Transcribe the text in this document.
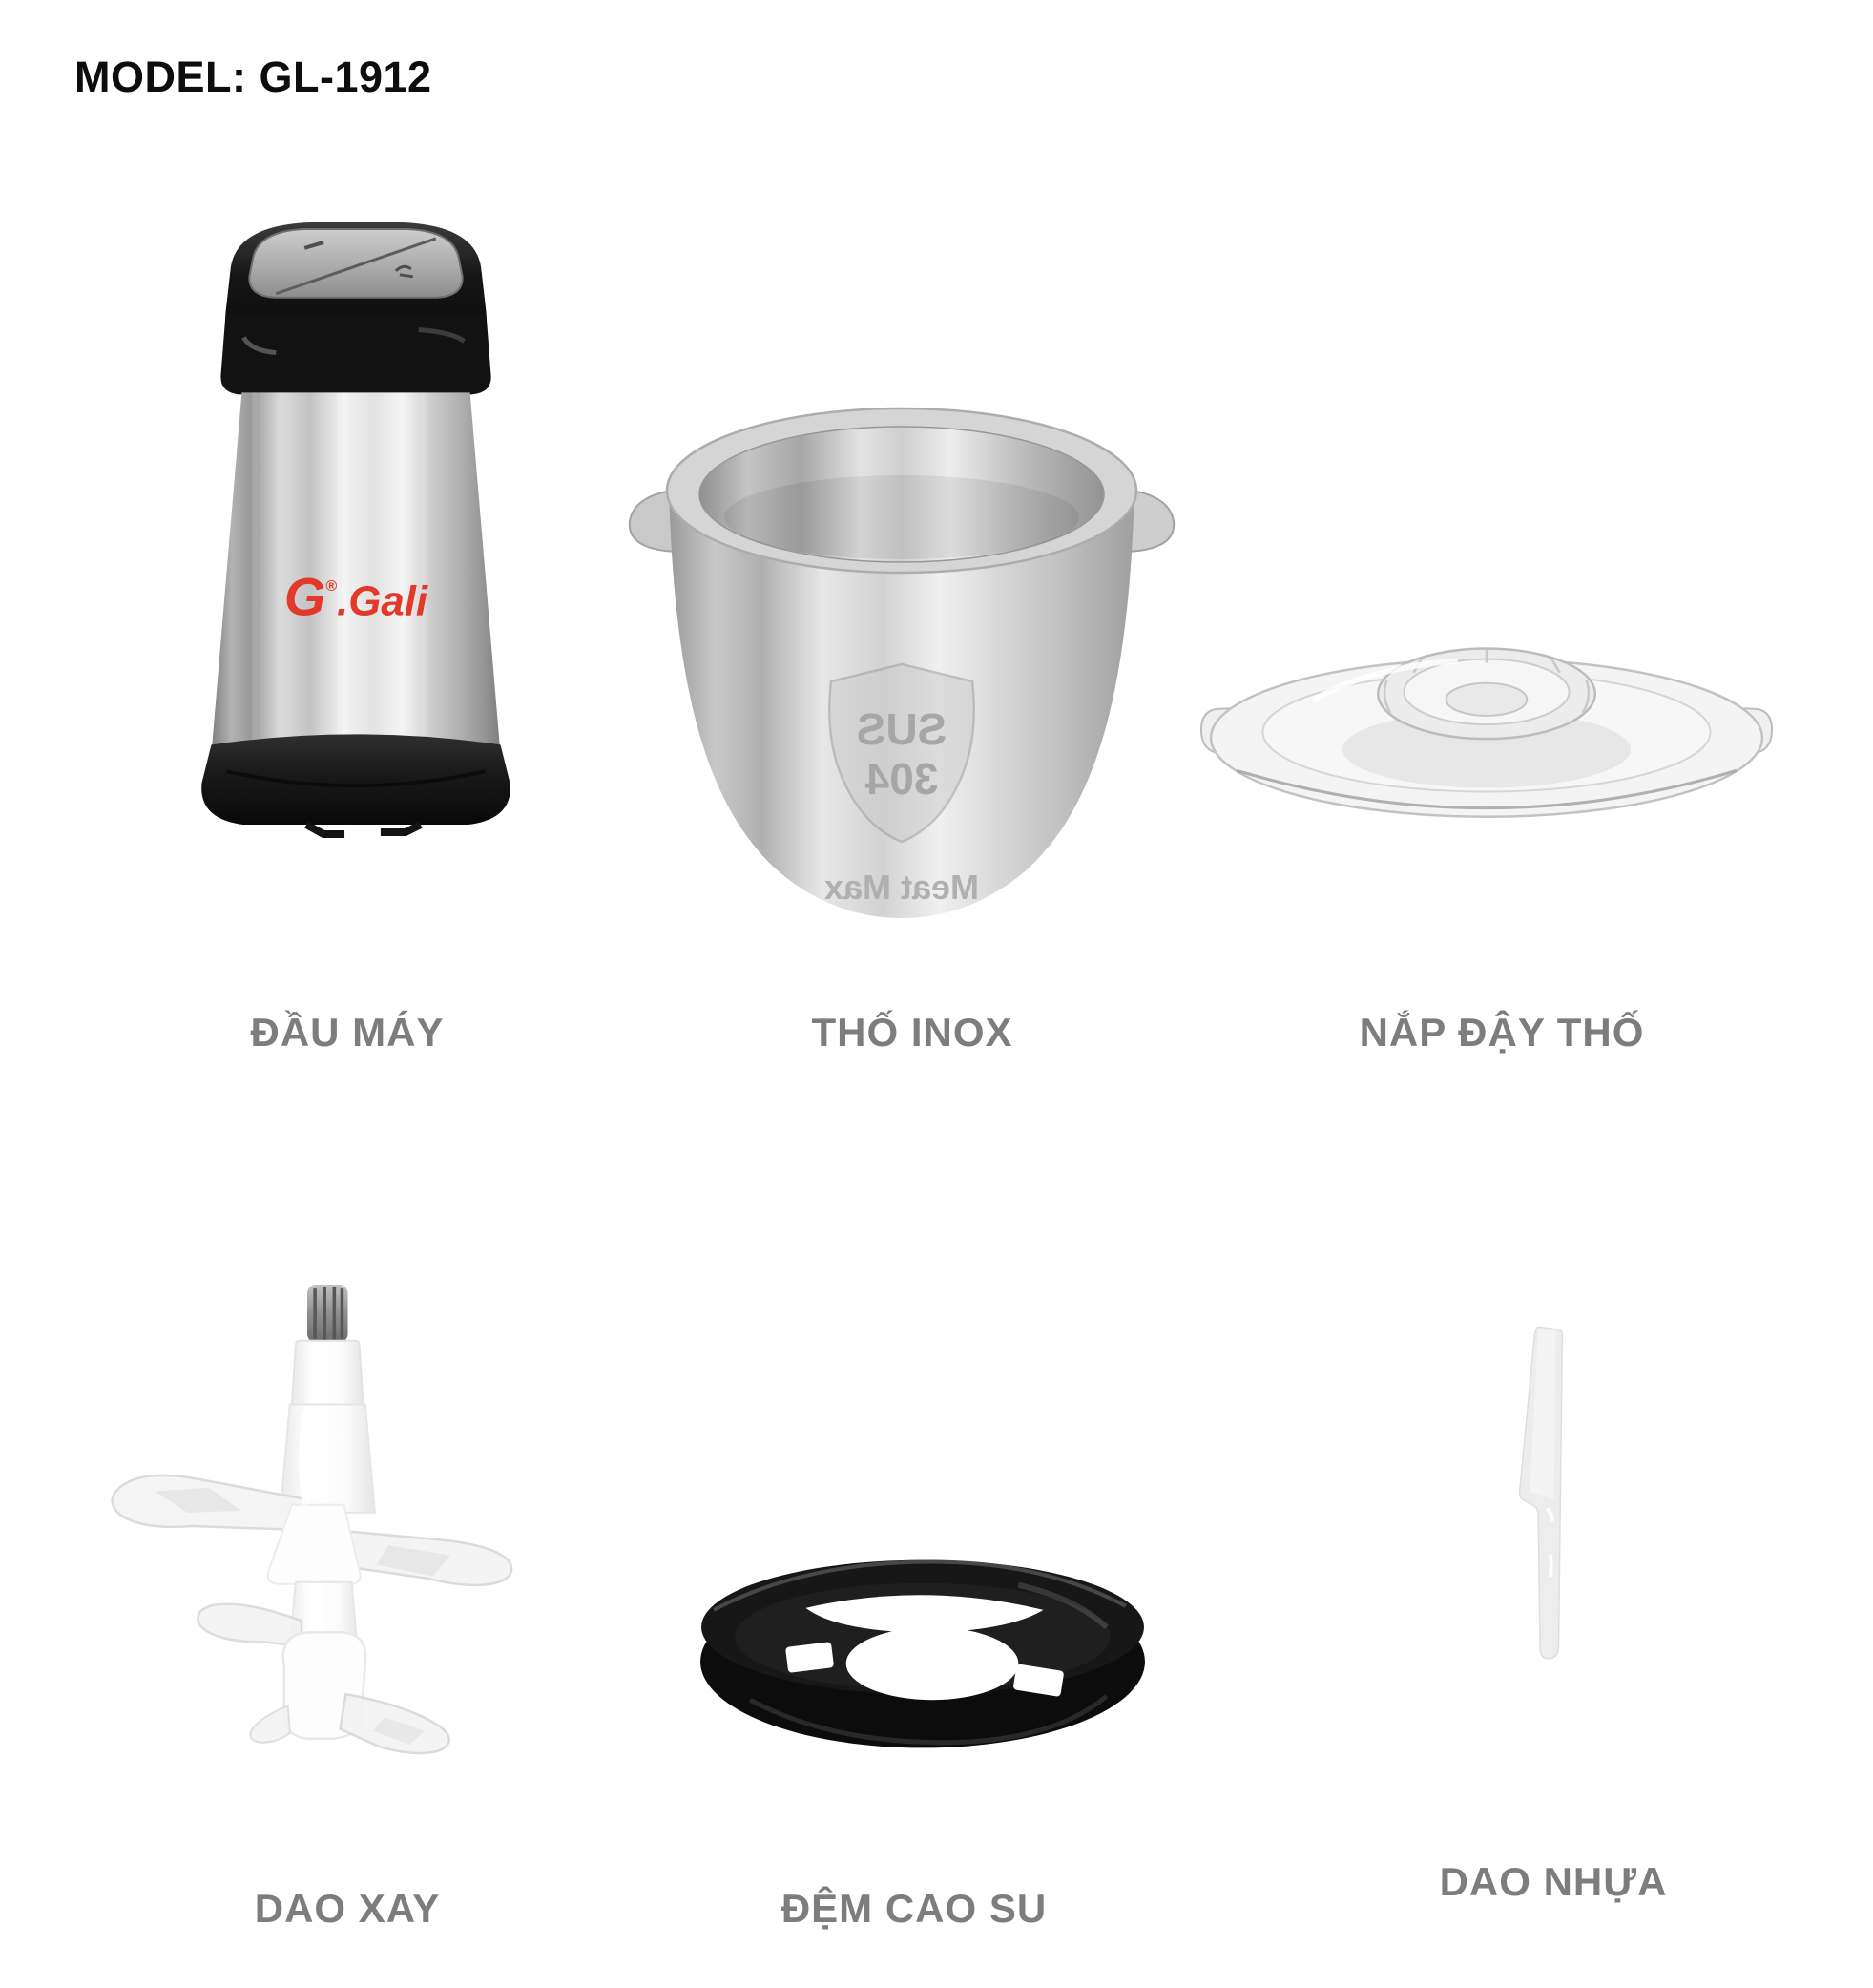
MODEL: GL-1912
G®.Gali
SUS
304
Meat Max
ĐẦU MÁY	THỐ INOX	NẮP ĐẬY THỐ
DAO XAY	ĐỆM CAO SU
DAO NHỰA
